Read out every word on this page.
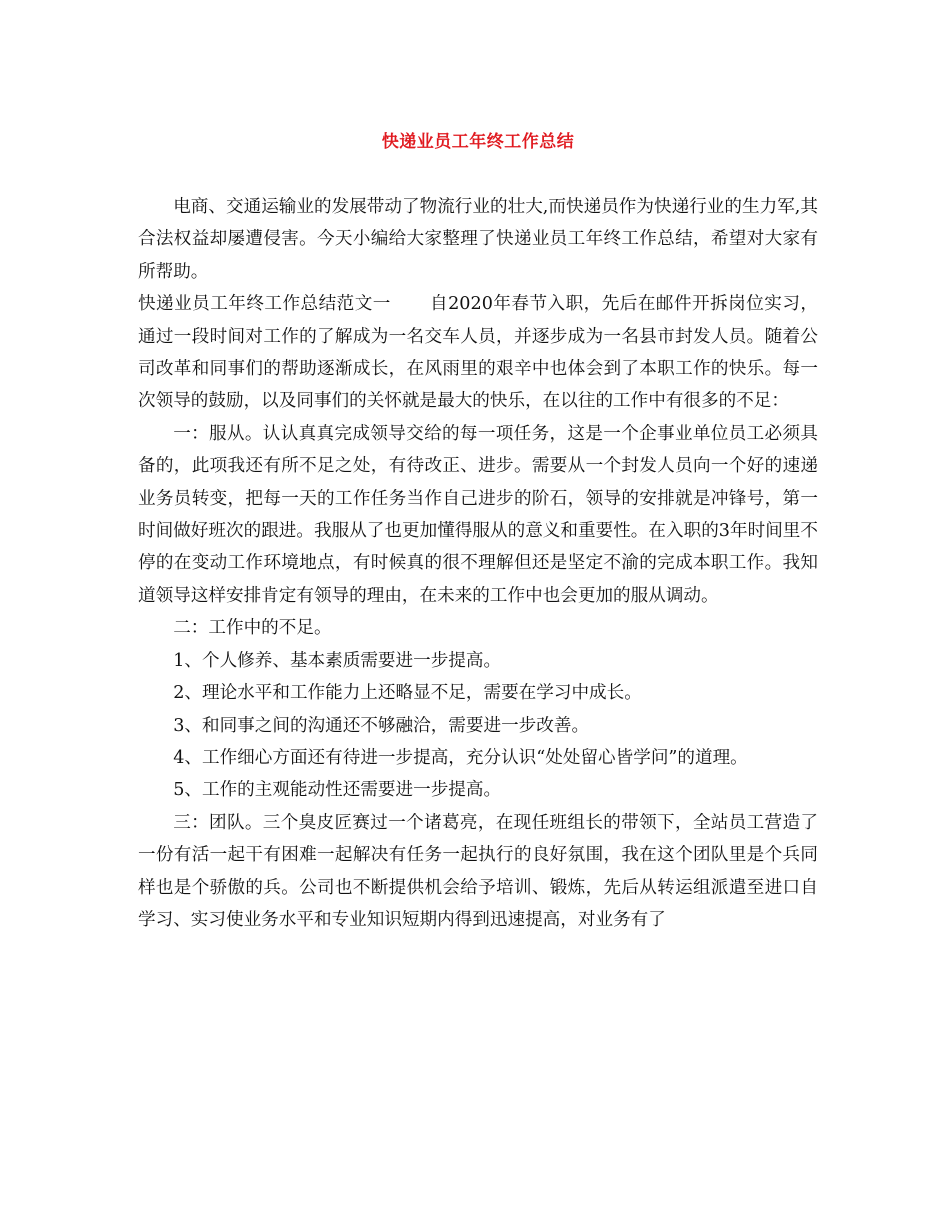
快递业员工年终工作总结

电商、交通运输业的发展带动了物流行业的壮大,而快递员作为快递行业的生力军,其合法权益却屡遭侵害。今天小编给大家整理了快递业员工年终工作总结，希望对大家有所帮助。

快递业员工年终工作总结范文一 自2020年春节入职，先后在邮件开拆岗位实习，通过一段时间对工作的了解成为一名交车人员，并逐步成为一名县市封发人员。随着公司改革和同事们的帮助逐渐成长，在风雨里的艰辛中也体会到了本职工作的快乐。每一次领导的鼓励，以及同事们的关怀就是最大的快乐，在以往的工作中有很多的不足：

一：服从。认认真真完成领导交给的每一项任务，这是一个企事业单位员工必须具备的，此项我还有所不足之处，有待改正、进步。需要从一个封发人员向一个好的速递业务员转变，把每一天的工作任务当作自己进步的阶石，领导的安排就是冲锋号，第一时间做好班次的跟进。我服从了也更加懂得服从的意义和重要性。在入职的3年时间里不停的在变动工作环境地点，有时候真的很不理解但还是坚定不渝的完成本职工作。我知道领导这样安排肯定有领导的理由，在未来的工作中也会更加的服从调动。

二：工作中的不足。

1、个人修养、基本素质需要进一步提高。

2、理论水平和工作能力上还略显不足，需要在学习中成长。

3、和同事之间的沟通还不够融洽，需要进一步改善。

4、工作细心方面还有待进一步提高，充分认识“处处留心皆学问”的道理。

5、工作的主观能动性还需要进一步提高。

三：团队。三个臭皮匠赛过一个诸葛亮，在现任班组长的带领下，全站员工营造了一份有活一起干有困难一起解决有任务一起执行的良好氛围，我在这个团队里是个兵同样也是个骄傲的兵。公司也不断提供机会给予培训、锻炼，先后从转运组派遣至进口自学习、实习使业务水平和专业知识短期内得到迅速提高，对业务有了
